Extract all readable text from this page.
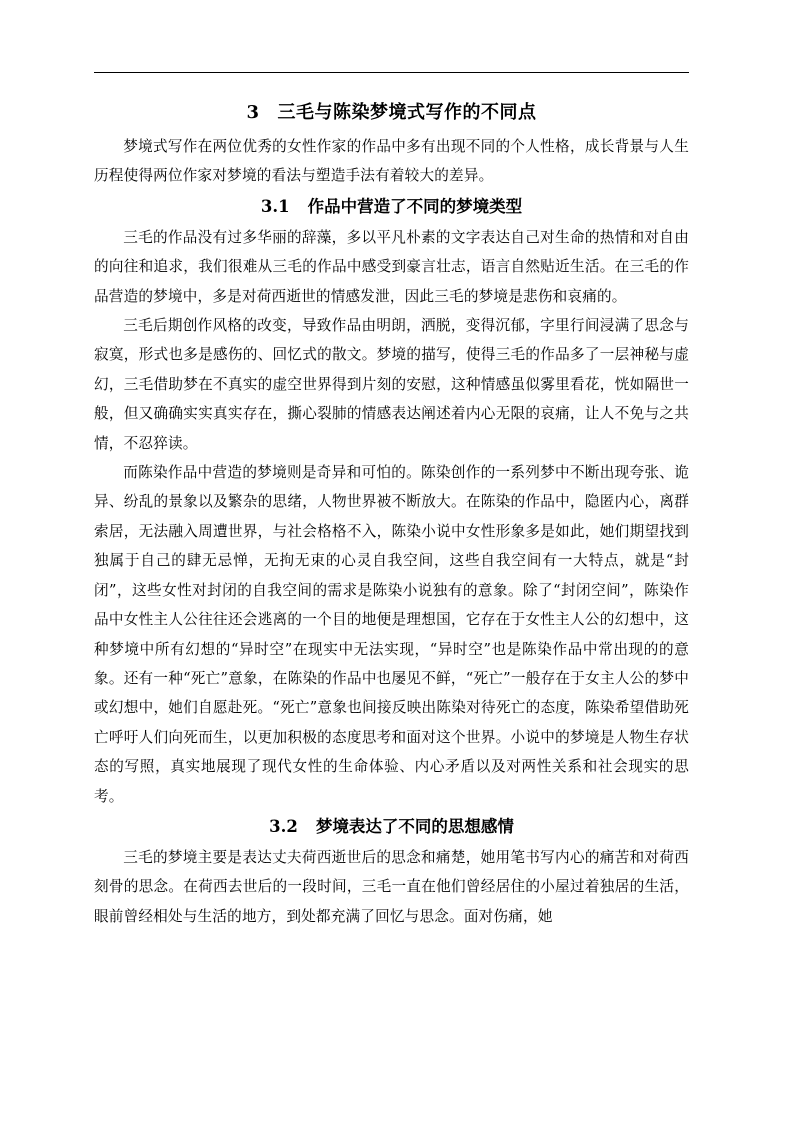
3 三毛与陈染梦境式写作的不同点

梦境式写作在两位优秀的女性作家的作品中多有出现不同的个人性格，成长背景与人生历程使得两位作家对梦境的看法与塑造手法有着较大的差异。

3.1 作品中营造了不同的梦境类型

三毛的作品没有过多华丽的辞藻，多以平凡朴素的文字表达自己对生命的热情和对自由的向往和追求，我们很难从三毛的作品中感受到豪言壮志，语言自然贴近生活。在三毛的作品营造的梦境中，多是对荷西逝世的情感发泄，因此三毛的梦境是悲伤和哀痛的。

三毛后期创作风格的改变，导致作品由明朗，洒脱，变得沉郁，字里行间浸满了思念与寂寞，形式也多是感伤的、回忆式的散文。梦境的描写，使得三毛的作品多了一层神秘与虚幻，三毛借助梦在不真实的虚空世界得到片刻的安慰，这种情感虽似雾里看花，恍如隔世一般，但又确确实实真实存在，撕心裂肺的情感表达阐述着内心无限的哀痛，让人不免与之共情，不忍猝读。

而陈染作品中营造的梦境则是奇异和可怕的。陈染创作的一系列梦中不断出现夸张、诡异、纷乱的景象以及繁杂的思绪，人物世界被不断放大。在陈染的作品中，隐匿内心，离群索居，无法融入周遭世界，与社会格格不入，陈染小说中女性形象多是如此，她们期望找到独属于自己的肆无忌惮，无拘无束的心灵自我空间，这些自我空间有一大特点，就是“封闭”，这些女性对封闭的自我空间的需求是陈染小说独有的意象。除了“封闭空间”，陈染作品中女性主人公往往还会逃离的一个目的地便是理想国，它存在于女性主人公的幻想中，这种梦境中所有幻想的“异时空”在现实中无法实现，“异时空”也是陈染作品中常出现的的意象。还有一种“死亡”意象，在陈染的作品中也屡见不鲜，“死亡”一般存在于女主人公的梦中或幻想中，她们自愿赴死。“死亡”意象也间接反映出陈染对待死亡的态度，陈染希望借助死亡呼吁人们向死而生，以更加积极的态度思考和面对这个世界。小说中的梦境是人物生存状态的写照，真实地展现了现代女性的生命体验、内心矛盾以及对两性关系和社会现实的思考。

3.2 梦境表达了不同的思想感情

三毛的梦境主要是表达丈夫荷西逝世后的思念和痛楚，她用笔书写内心的痛苦和对荷西刻骨的思念。在荷西去世后的一段时间，三毛一直在他们曾经居住的小屋过着独居的生活，眼前曾经相处与生活的地方，到处都充满了回忆与思念。面对伤痛，她
